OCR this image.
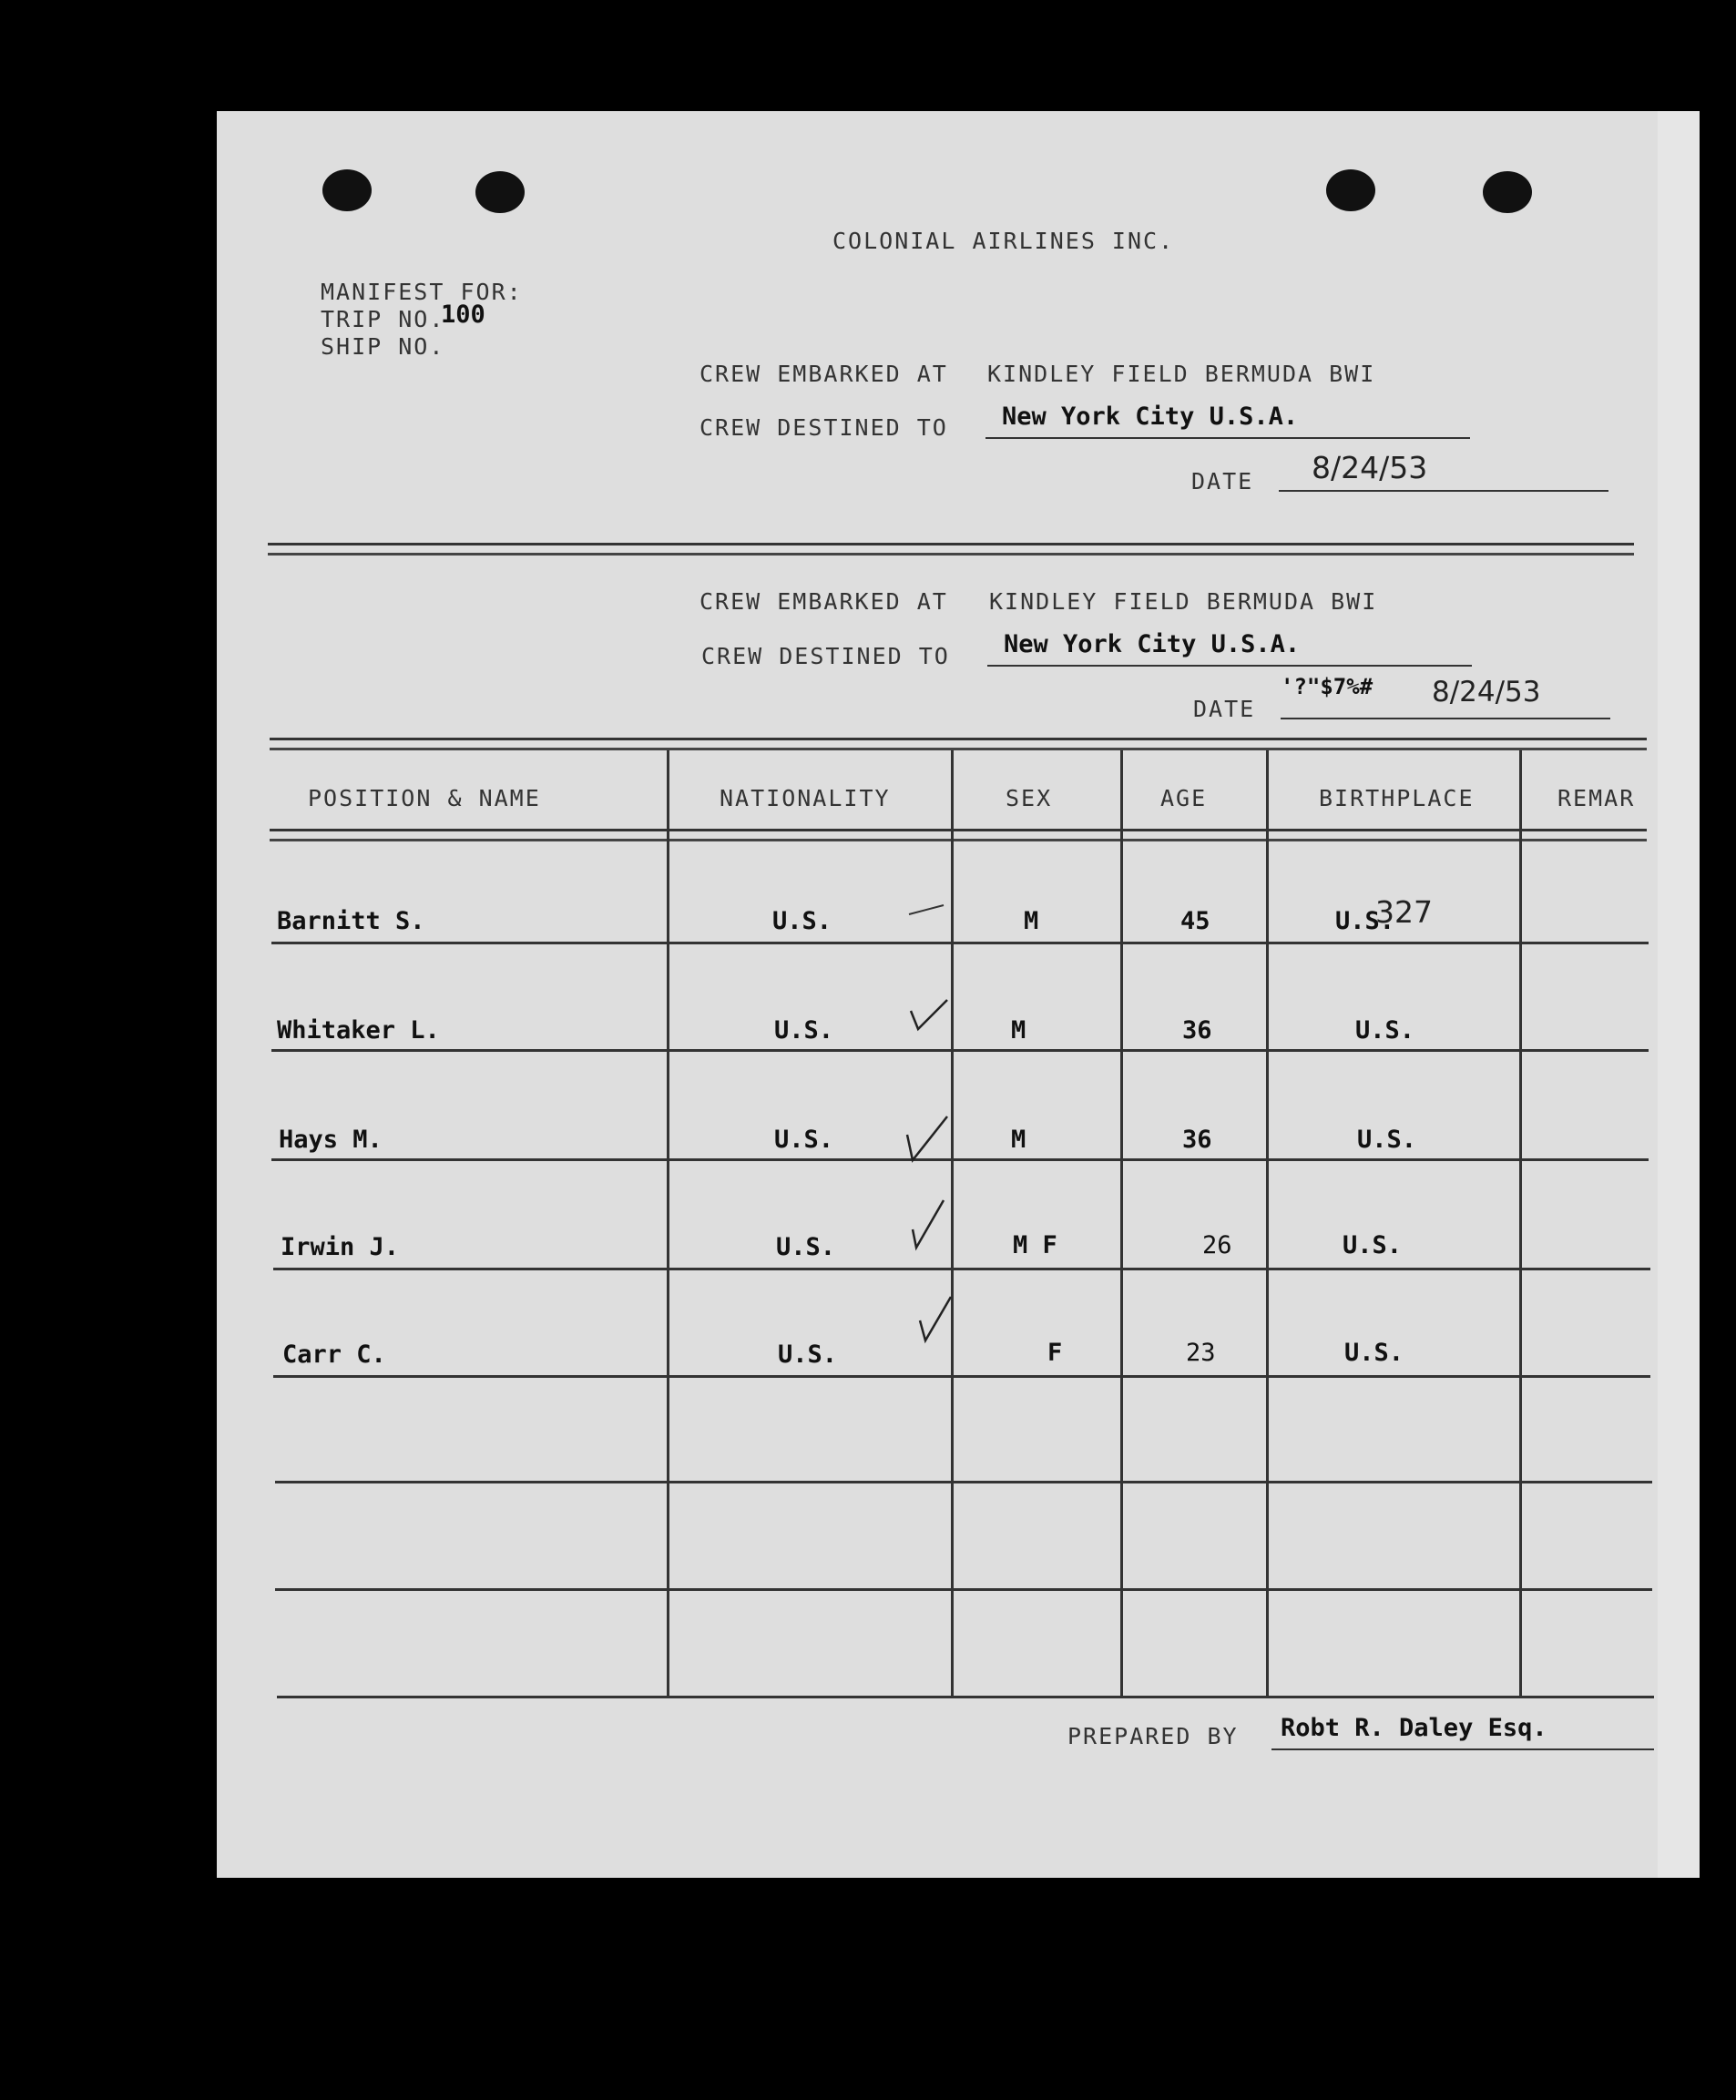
COLONIAL AIRLINES INC.
MANIFEST FOR:
TRIP NO.
100
SHIP NO.
CREW EMBARKED AT KINDLEY FIELD BERMUDA BWI
CREW DESTINED TO New York City U.S.A.
DATE 8/24/53
CREW EMBARKED AT KINDLEY FIELD BERMUDA BWI
CREW DESTINED TO New York City U.S.A.
DATE
'?"$7%# 8/24/53
POSITION & NAME	NATIONALITY	SEX	AGE	BIRTHPLACE	REMAR
Barnitt S.	U.S.	M	45	U.S.
327
Whitaker L.	U.S.	M	36	U.S.
Hays M.	U.S.	M	36	U.S.
Irwin J.	U.S.	M F	26	U.S.
Carr C.	U.S.	F	23	U.S.
PREPARED BY Robt R. Daley Esq.
